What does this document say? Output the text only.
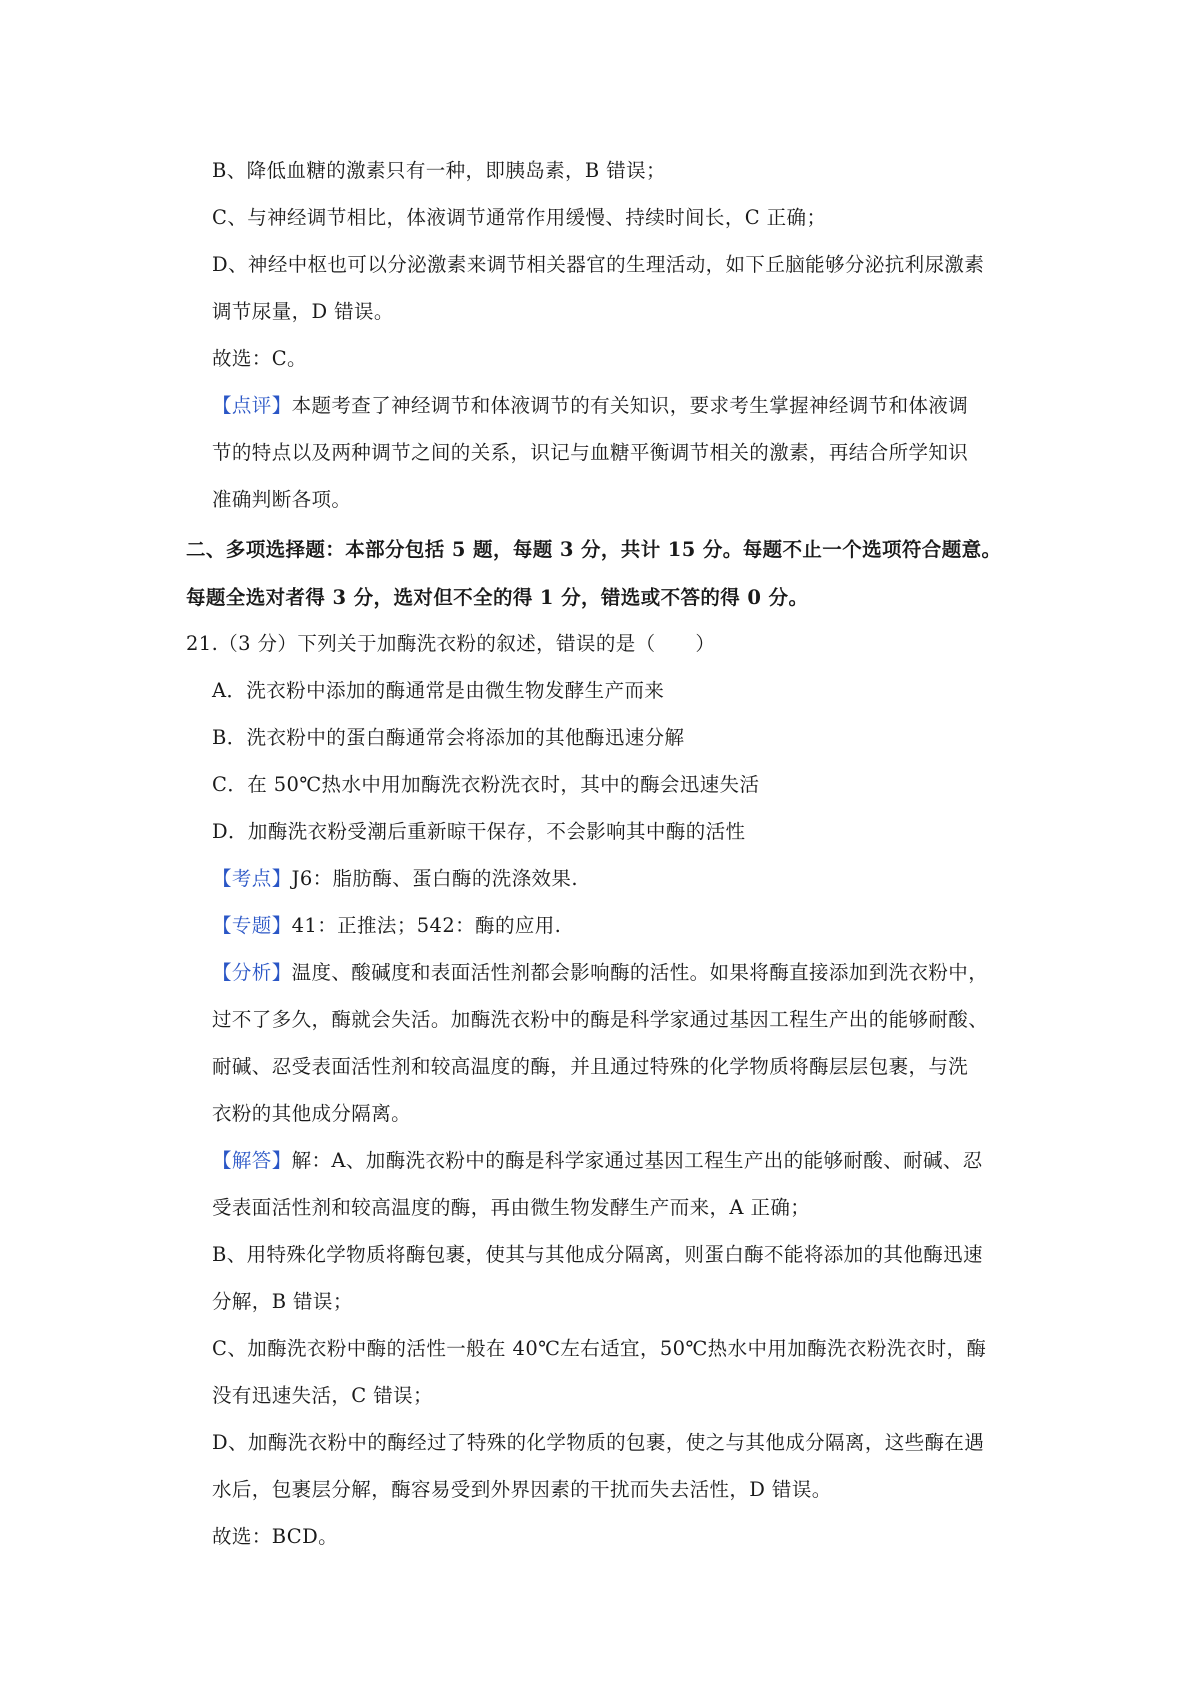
B、降低血糖的激素只有一种，即胰岛素，B 错误；
C、与神经调节相比，体液调节通常作用缓慢、持续时间长，C 正确；
D、神经中枢也可以分泌激素来调节相关器官的生理活动，如下丘脑能够分泌抗利尿激素
调节尿量，D 错误。
故选：C。
【点评】本题考查了神经调节和体液调节的有关知识，要求考生掌握神经调节和体液调
节的特点以及两种调节之间的关系，识记与血糖平衡调节相关的激素，再结合所学知识
准确判断各项。
二、多项选择题：本部分包括 5 题，每题 3 分，共计 15 分。每题不止一个选项符合题意。
每题全选对者得 3 分，选对但不全的得 1 分，错选或不答的得 0 分。
21.（3 分）下列关于加酶洗衣粉的叙述，错误的是（　　）
A．洗衣粉中添加的酶通常是由微生物发酵生产而来
B．洗衣粉中的蛋白酶通常会将添加的其他酶迅速分解
C．在 50℃热水中用加酶洗衣粉洗衣时，其中的酶会迅速失活
D．加酶洗衣粉受潮后重新晾干保存，不会影响其中酶的活性
【考点】J6：脂肪酶、蛋白酶的洗涤效果.
【专题】41：正推法；542：酶的应用.
【分析】温度、酸碱度和表面活性剂都会影响酶的活性。如果将酶直接添加到洗衣粉中，
过不了多久，酶就会失活。加酶洗衣粉中的酶是科学家通过基因工程生产出的能够耐酸、
耐碱、忍受表面活性剂和较高温度的酶，并且通过特殊的化学物质将酶层层包裹，与洗
衣粉的其他成分隔离。
【解答】解：A、加酶洗衣粉中的酶是科学家通过基因工程生产出的能够耐酸、耐碱、忍
受表面活性剂和较高温度的酶，再由微生物发酵生产而来，A 正确；
B、用特殊化学物质将酶包裹，使其与其他成分隔离，则蛋白酶不能将添加的其他酶迅速
分解，B 错误；
C、加酶洗衣粉中酶的活性一般在 40℃左右适宜，50℃热水中用加酶洗衣粉洗衣时，酶
没有迅速失活，C 错误；
D、加酶洗衣粉中的酶经过了特殊的化学物质的包裹，使之与其他成分隔离，这些酶在遇
水后，包裹层分解，酶容易受到外界因素的干扰而失去活性，D 错误。
故选：BCD。
